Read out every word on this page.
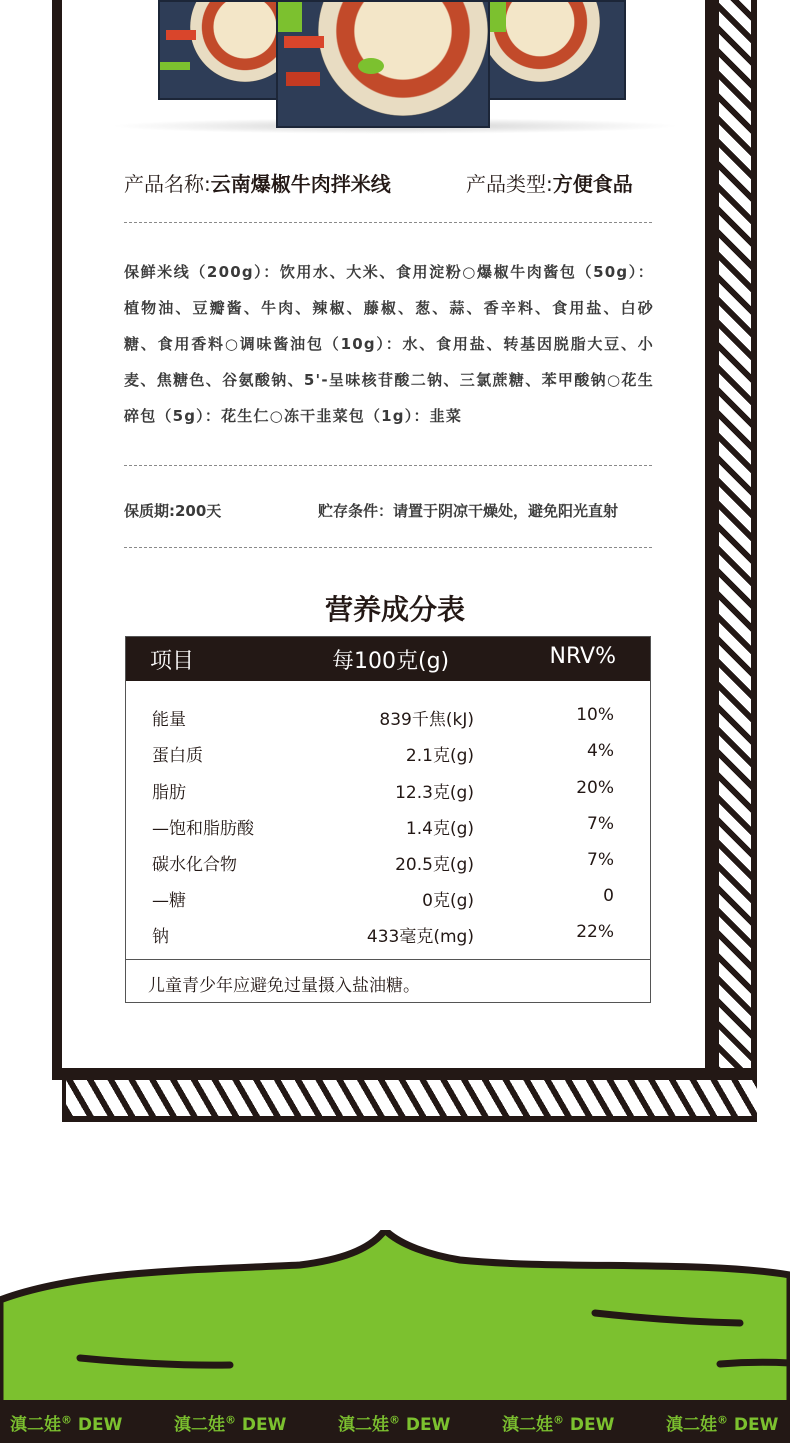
产品名称:云南爆椒牛肉拌米线	产品类型:方便食品
保鲜米线（200g）：饮用水、大米、食用淀粉○爆椒牛肉酱包（50g）：植物油、豆瓣酱、牛肉、辣椒、藤椒、葱、蒜、香辛料、食用盐、白砂糖、食用香料○调味酱油包（10g）：水、食用盐、转基因脱脂大豆、小麦、焦糖色、谷氨酸钠、5'-呈味核苷酸二钠、三氯蔗糖、苯甲酸钠○花生碎包（5g）：花生仁○冻干韭菜包（1g）：韭菜
保质期:200天	贮存条件：请置于阴凉干燥处，避免阳光直射
营养成分表
项目	每100克(g)	NRV%
能量	839千焦(kJ)	10%
蛋白质	2.1克(g)	4%
脂肪	12.3克(g)	20%
—饱和脂肪酸	1.4克(g)	7%
碳水化合物	20.5克(g)	7%
—糖	0克(g)	0
钠	433毫克(mg)	22%
儿童青少年应避免过量摄入盐油糖。
滇二娃® DEW	滇二娃® DEW	滇二娃® DEW	滇二娃® DEW	滇二娃® DEW
